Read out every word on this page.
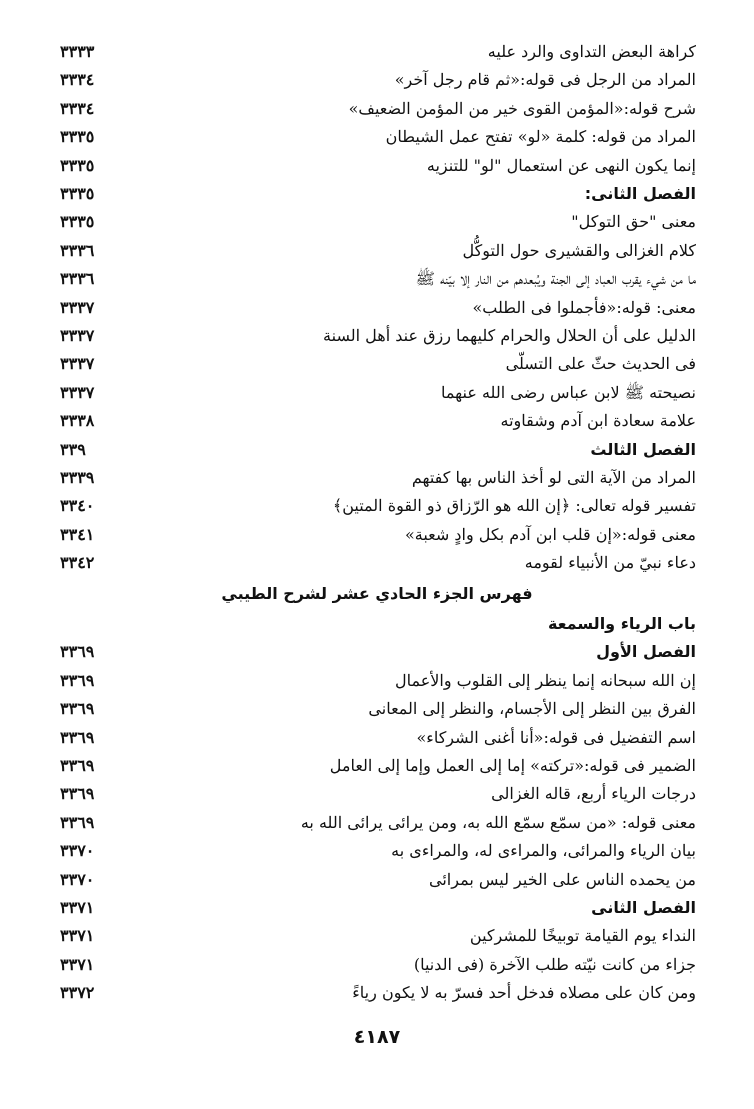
كراهة البعض التداوى والرد عليه
٣٣٣٣
المراد من الرجل فى قوله:«ثم قام رجل آخر»
٣٣٣٤
شرح قوله:«المؤمن القوى خير من المؤمن الضعيف»
٣٣٣٤
المراد من قوله: كلمة «لو» تفتح عمل الشيطان
٣٣٣٥
إنما يكون النهى عن استعمال "لو" للتنزيه
٣٣٣٥
الفصل الثانى:
٣٣٣٥
معنى "حق التوكل"
٣٣٣٥
كلام الغزالى والقشيرى حول التوكُّل
٣٣٣٦
ما من شيء يقرب العباد إلى الجنة ويُبعدهم من النار إلا بيّنه ﷺ
٣٣٣٦
معنى: قوله:«فأجملوا فى الطلب»
٣٣٣٧
الدليل على أن الحلال والحرام كليهما رزق عند أهل السنة
٣٣٣٧
فى الحديث حثّ على التسلّى
٣٣٣٧
نصيحته ﷺ لابن عباس رضى الله عنهما
٣٣٣٧
علامة سعادة ابن آدم وشقاوته
٣٣٣٨
الفصل الثالث
٣٣٩
المراد من الآية التى لو أخذ الناس بها كفتهم
٣٣٣٩
تفسير قوله تعالى: ﴿إن الله هو الرّزاق ذو القوة المتين﴾
٣٣٤٠
معنى قوله:«إن قلب ابن آدم بكل وادٍ شعبة»
٣٣٤١
دعاء نبيّ من الأنبياء لقومه
٣٣٤٢
فهرس الجزء الحادي عشر لشرح الطيبي
باب الرياء والسمعة
الفصل الأول
٣٣٦٩
إن الله سبحانه إنما ينظر إلى القلوب والأعمال
٣٣٦٩
الفرق بين النظر إلى الأجسام، والنظر إلى المعانى
٣٣٦٩
اسم التفضيل فى قوله:«أنا أغنى الشركاء»
٣٣٦٩
الضمير فى قوله:«تركته» إما إلى العمل وإما إلى العامل
٣٣٦٩
درجات الرياء أربع، قاله الغزالى
٣٣٦٩
معنى قوله: «من سمّع سمّع الله به، ومن يرائى يرائى الله به
٣٣٦٩
بيان الرياء والمرائى، والمراءى له، والمراءى به
٣٣٧٠
من يحمده الناس على الخير ليس بمرائى
٣٣٧٠
الفصل الثانى
٣٣٧١
النداء يوم القيامة توبيخًا للمشركين
٣٣٧١
جزاء من كانت نيّته طلب الآخرة (فى الدنيا)
٣٣٧١
ومن كان على مصلاه فدخل أحد فسرّ به لا يكون رياءً
٣٣٧٢
٤١٨٧
